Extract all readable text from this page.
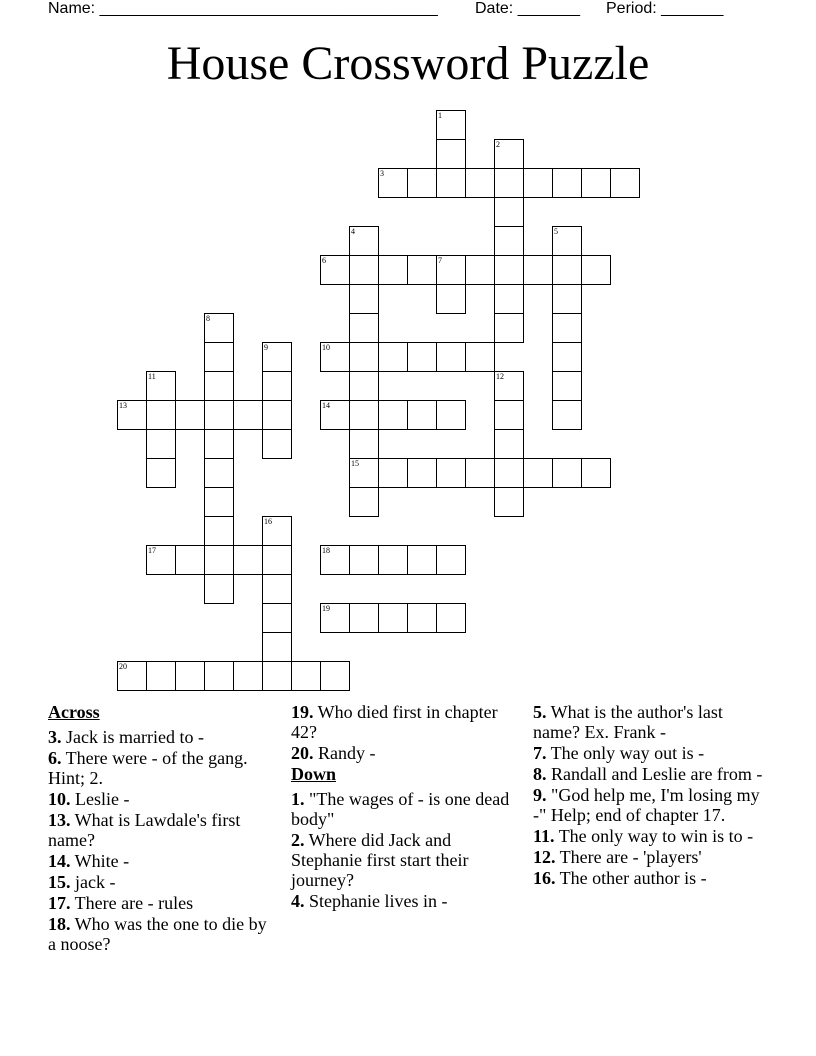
Name: ______________________________________ Date: _______ Period: _______
House Crossword Puzzle
1
2
3
4	5
6	7
8
9	10
11	12
13	14
15
16
17	18
19
20
Across
3. Jack is married to -
6. There were - of the gang. Hint; 2.
10. Leslie -
13. What is Lawdale's first name?
14. White -
15. jack -
17. There are - rules
18. Who was the one to die by a noose?
19. Who died first in chapter 42?
20. Randy -
Down
1. "The wages of - is one dead body"
2. Where did Jack and Stephanie first start their journey?
4. Stephanie lives in -
5. What is the author's last name? Ex. Frank -
7. The only way out is -
8. Randall and Leslie are from -
9. "God help me, I'm losing my -" Help; end of chapter 17.
11. The only way to win is to -
12. There are - 'players'
16. The other author is -
